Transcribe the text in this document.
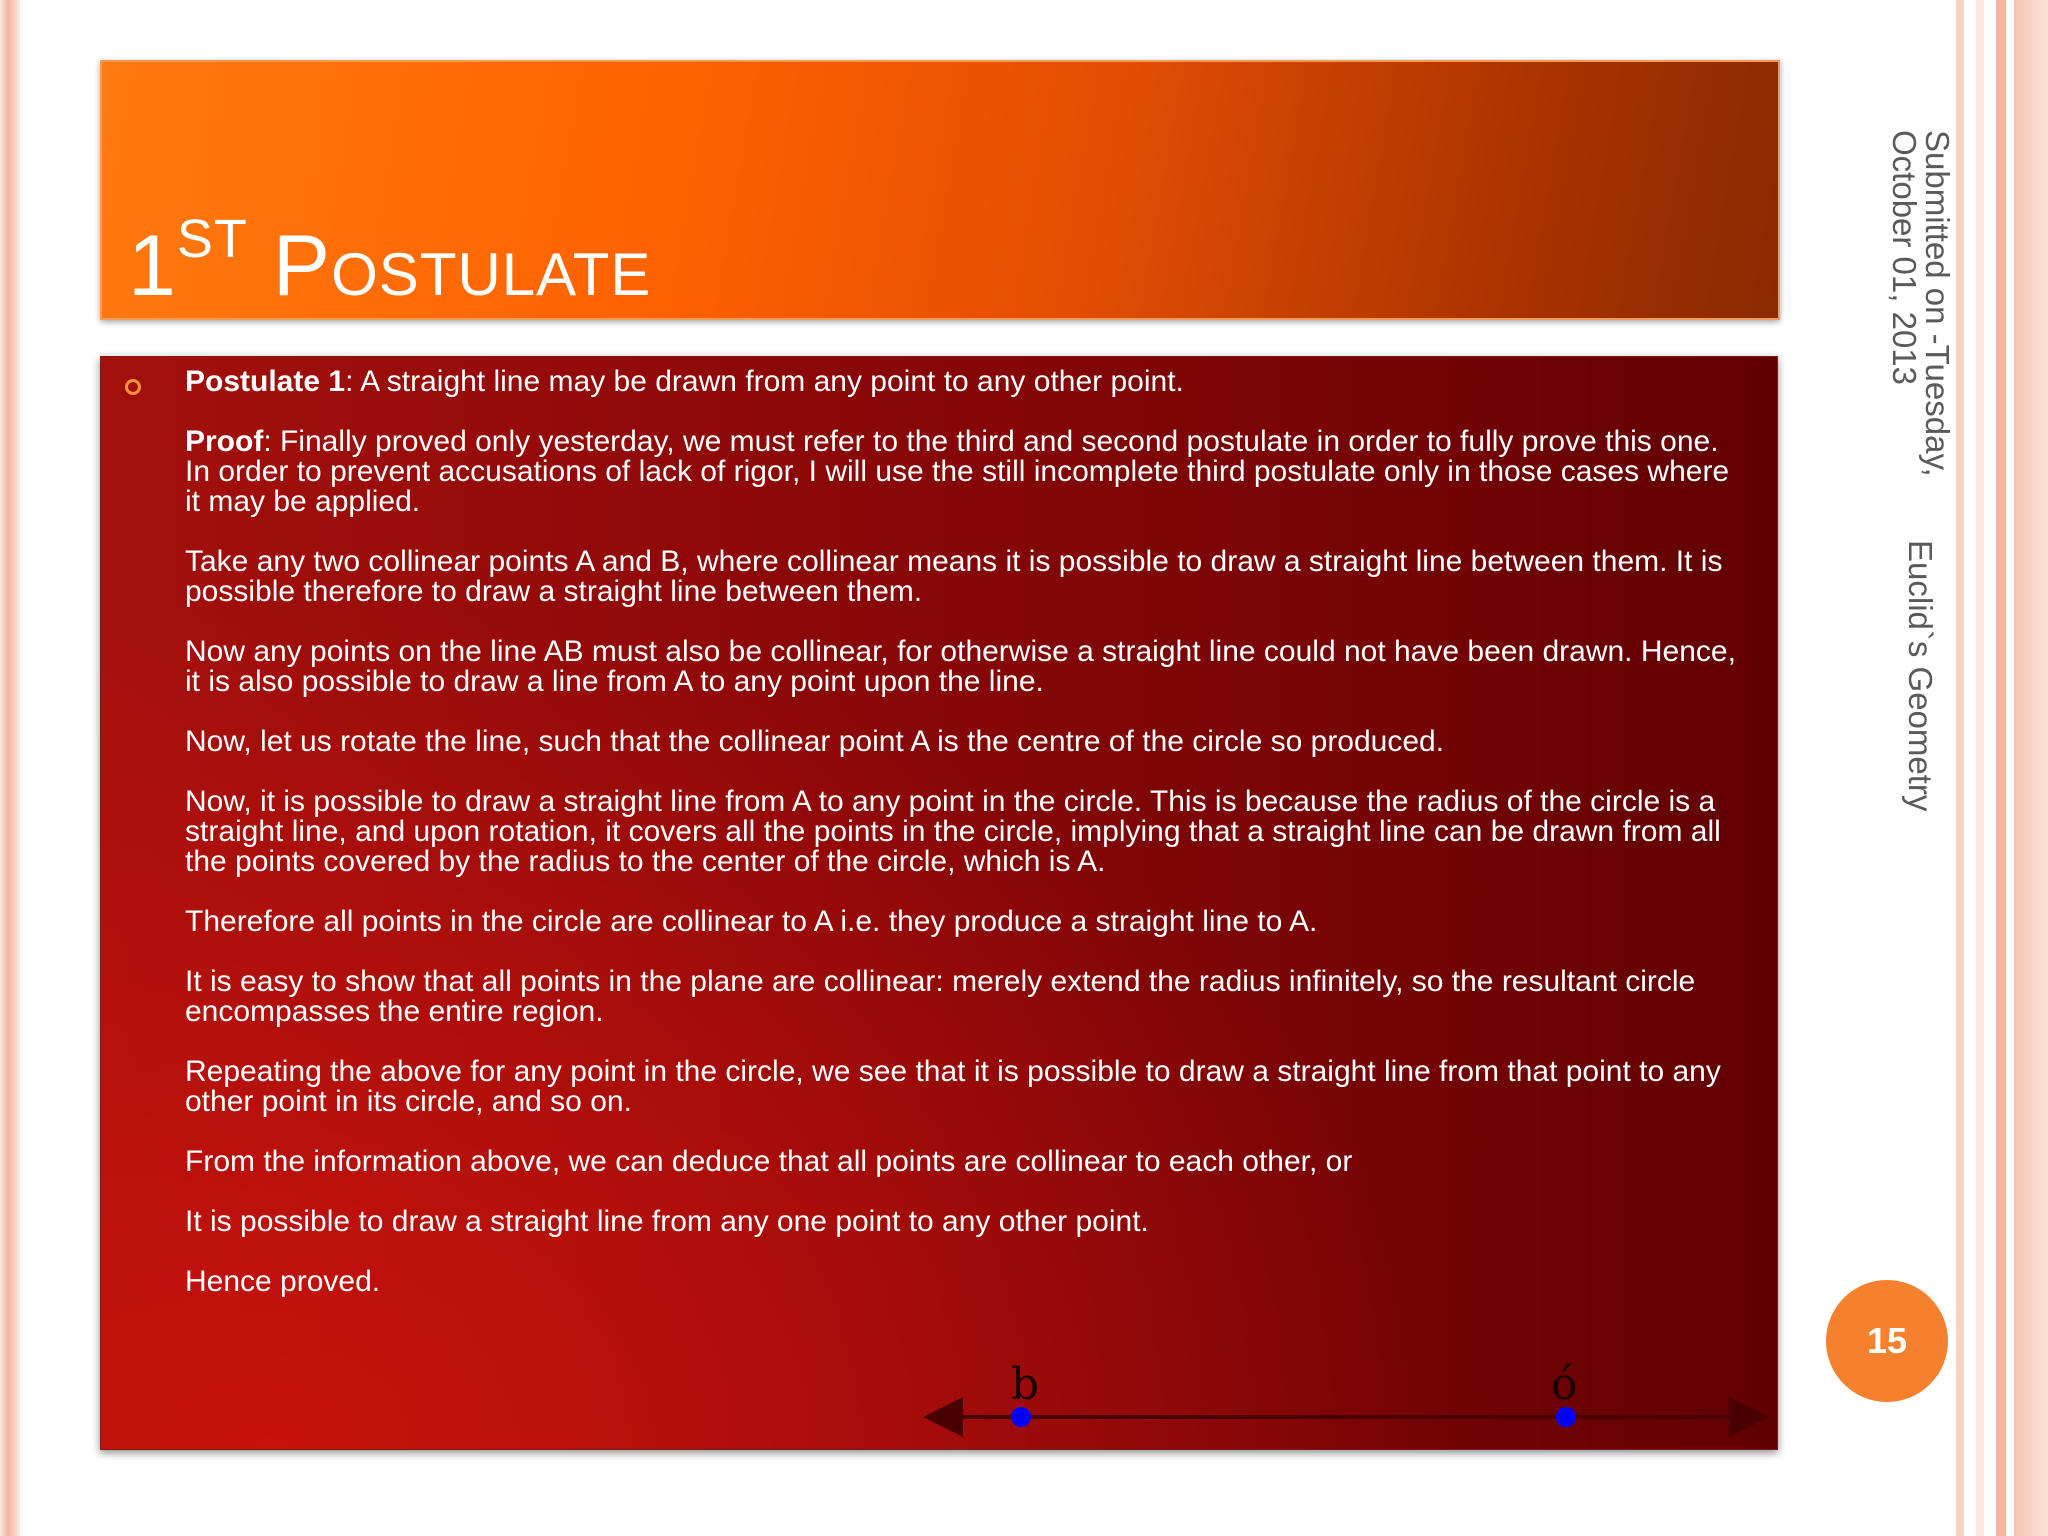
1ST Postulate

Postulate 1: A straight line may be drawn from any point to any other point.

Proof: Finally proved only yesterday, we must refer to the third and second postulate in order to fully prove this one. In order to prevent accusations of lack of rigor, I will use the still incomplete third postulate only in those cases where it may be applied.

Take any two collinear points A and B, where collinear means it is possible to draw a straight line between them. It is possible therefore to draw a straight line between them.

Now any points on the line AB must also be collinear, for otherwise a straight line could not have been drawn. Hence, it is also possible to draw a line from A to any point upon the line.

Now, let us rotate the line, such that the collinear point A is the centre of the circle so produced.

Now, it is possible to draw a straight line from A to any point in the circle. This is because the radius of the circle is a straight line, and upon rotation, it covers all the points in the circle, implying that a straight line can be drawn from all the points covered by the radius to the center of the circle, which is A.

Therefore all points in the circle are collinear to A i.e. they produce a straight line to A.

It is easy to show that all points in the plane are collinear: merely extend the radius infinitely, so the resultant circle encompasses the entire region.

Repeating the above for any point in the circle, we see that it is possible to draw a straight line from that point to any other point in its circle, and so on.

From the information above, we can deduce that all points are collinear to each other, or

It is possible to draw a straight line from any one point to any other point.

Hence proved.

b	ó
Submitted on -Tuesday,
October 01, 2013
Euclid`s Geometry
15
